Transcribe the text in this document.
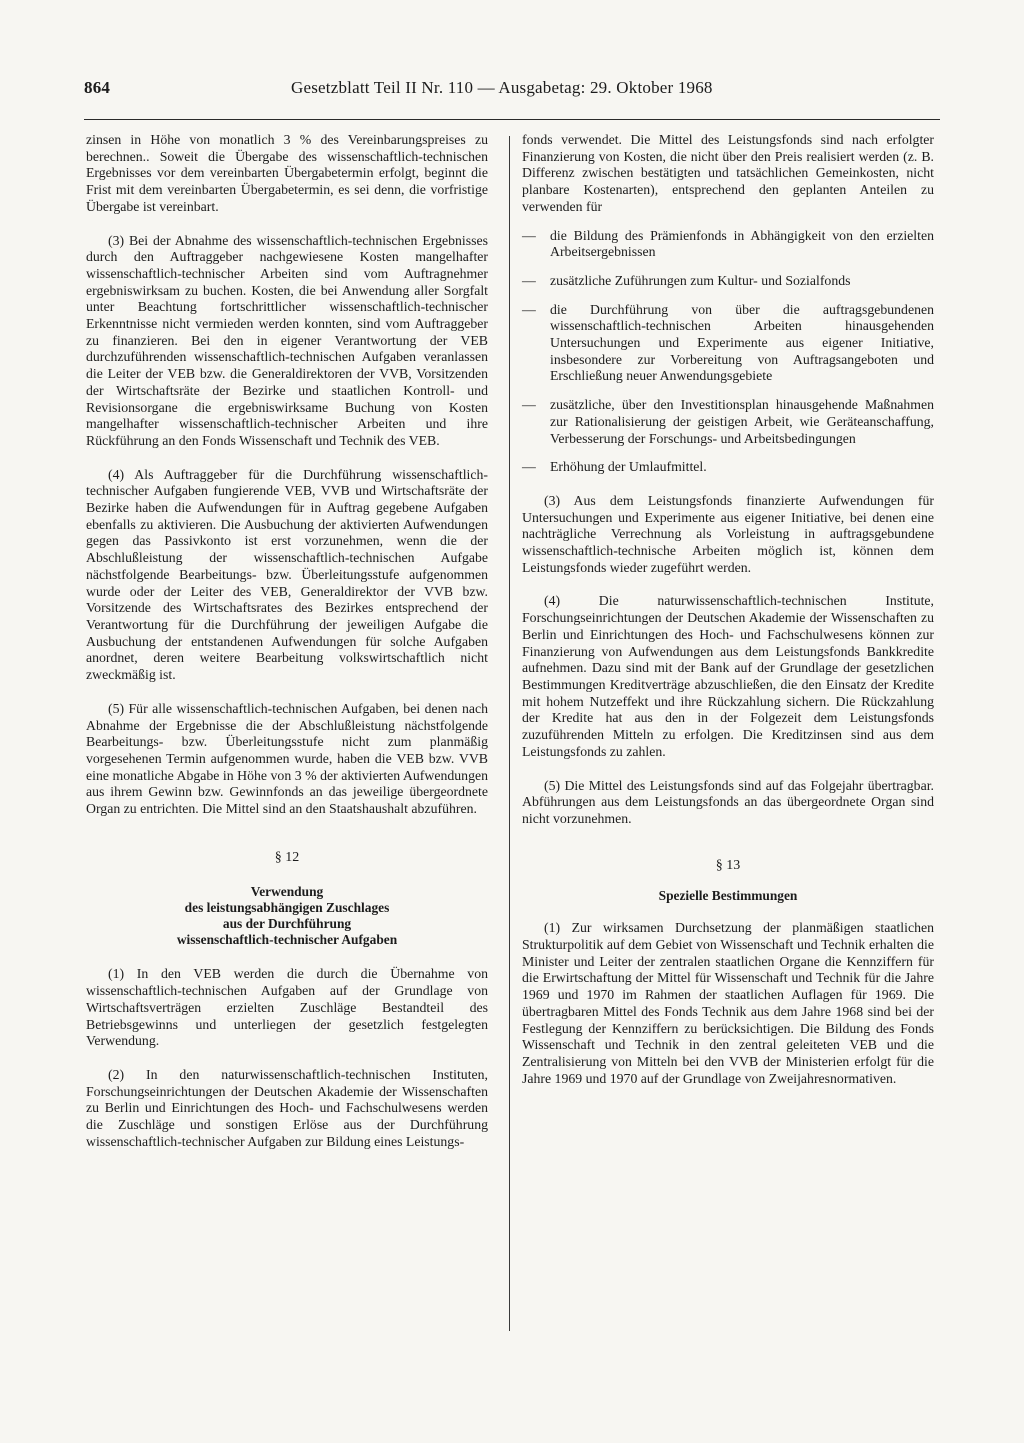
864	Gesetzblatt Teil II Nr. 110 — Ausgabetag: 29. Oktober 1968

zinsen in Höhe von monatlich 3 % des Vereinbarungspreises zu berechnen.. Soweit die Übergabe des wissenschaftlich-technischen Ergebnisses vor dem vereinbarten Übergabetermin erfolgt, beginnt die Frist mit dem vereinbarten Übergabetermin, es sei denn, die vorfristige Übergabe ist vereinbart.

(3) Bei der Abnahme des wissenschaftlich-technischen Ergebnisses durch den Auftraggeber nachgewiesene Kosten mangelhafter wissenschaftlich-technischer Arbeiten sind vom Auftragnehmer ergebniswirksam zu buchen. Kosten, die bei Anwendung aller Sorgfalt unter Beachtung fortschrittlicher wissenschaftlich-technischer Erkenntnisse nicht vermieden werden konnten, sind vom Auftraggeber zu finanzieren. Bei den in eigener Verantwortung der VEB durchzuführenden wissenschaftlich-technischen Aufgaben veranlassen die Leiter der VEB bzw. die Generaldirektoren der VVB, Vorsitzenden der Wirtschaftsräte der Bezirke und staatlichen Kontroll- und Revisionsorgane die ergebniswirksame Buchung von Kosten mangelhafter wissenschaftlich-technischer Arbeiten und ihre Rückführung an den Fonds Wissenschaft und Technik des VEB.

(4) Als Auftraggeber für die Durchführung wissenschaftlich-technischer Aufgaben fungierende VEB, VVB und Wirtschaftsräte der Bezirke haben die Aufwendungen für in Auftrag gegebene Aufgaben ebenfalls zu aktivieren. Die Ausbuchung der aktivierten Aufwendungen gegen das Passivkonto ist erst vorzunehmen, wenn die der Abschlußleistung der wissenschaftlich-technischen Aufgabe nächstfolgende Bearbeitungs- bzw. Überleitungsstufe aufgenommen wurde oder der Leiter des VEB, Generaldirektor der VVB bzw. Vorsitzende des Wirtschaftsrates des Bezirkes entsprechend der Verantwortung für die Durchführung der jeweiligen Aufgabe die Ausbuchung der entstandenen Aufwendungen für solche Aufgaben anordnet, deren weitere Bearbeitung volkswirtschaftlich nicht zweckmäßig ist.

(5) Für alle wissenschaftlich-technischen Aufgaben, bei denen nach Abnahme der Ergebnisse die der Abschlußleistung nächstfolgende Bearbeitungs- bzw. Überleitungsstufe nicht zum planmäßig vorgesehenen Termin aufgenommen wurde, haben die VEB bzw. VVB eine monatliche Abgabe in Höhe von 3 % der aktivierten Aufwendungen aus ihrem Gewinn bzw. Gewinnfonds an das jeweilige übergeordnete Organ zu entrichten. Die Mittel sind an den Staatshaushalt abzuführen.

§ 12

Verwendung

des leistungsabhängigen Zuschlages

aus der Durchführung

wissenschaftlich-technischer Aufgaben

(1) In den VEB werden die durch die Übernahme von wissenschaftlich-technischen Aufgaben auf der Grundlage von Wirtschaftsverträgen erzielten Zuschläge Bestandteil des Betriebsgewinns und unterliegen der gesetzlich festgelegten Verwendung.

(2) In den naturwissenschaftlich-technischen Instituten, Forschungseinrichtungen der Deutschen Akademie der Wissenschaften zu Berlin und Einrichtungen des Hoch- und Fachschulwesens werden die Zuschläge und sonstigen Erlöse aus der Durchführung wissenschaftlich-technischer Aufgaben zur Bildung eines Leistungs-

fonds verwendet. Die Mittel des Leistungsfonds sind nach erfolgter Finanzierung von Kosten, die nicht über den Preis realisiert werden (z. B. Differenz zwischen bestätigten und tatsächlichen Gemeinkosten, nicht planbare Kostenarten), entsprechend den geplanten Anteilen zu verwenden für

—	die Bildung des Prämienfonds in Abhängigkeit von den erzielten Arbeitsergebnissen
—	zusätzliche Zuführungen zum Kultur- und Sozialfonds
—	die Durchführung von über die auftragsgebundenen wissenschaftlich-technischen Arbeiten hinausgehenden Untersuchungen und Experimente aus eigener Initiative, insbesondere zur Vorbereitung von Auftragsangeboten und Erschließung neuer Anwendungsgebiete
—	zusätzliche, über den Investitionsplan hinausgehende Maßnahmen zur Rationalisierung der geistigen Arbeit, wie Geräteanschaffung, Verbesserung der Forschungs- und Arbeitsbedingungen
—	Erhöhung der Umlaufmittel.

(3) Aus dem Leistungsfonds finanzierte Aufwendungen für Untersuchungen und Experimente aus eigener Initiative, bei denen eine nachträgliche Verrechnung als Vorleistung in auftragsgebundene wissenschaftlich-technische Arbeiten möglich ist, können dem Leistungsfonds wieder zugeführt werden.

(4) Die naturwissenschaftlich-technischen Institute, Forschungseinrichtungen der Deutschen Akademie der Wissenschaften zu Berlin und Einrichtungen des Hoch- und Fachschulwesens können zur Finanzierung von Aufwendungen aus dem Leistungsfonds Bankkredite aufnehmen. Dazu sind mit der Bank auf der Grundlage der gesetzlichen Bestimmungen Kreditverträge abzuschließen, die den Einsatz der Kredite mit hohem Nutzeffekt und ihre Rückzahlung sichern. Die Rückzahlung der Kredite hat aus den in der Folgezeit dem Leistungsfonds zuzuführenden Mitteln zu erfolgen. Die Kreditzinsen sind aus dem Leistungsfonds zu zahlen.

(5) Die Mittel des Leistungsfonds sind auf das Folgejahr übertragbar. Abführungen aus dem Leistungsfonds an das übergeordnete Organ sind nicht vorzunehmen.

§ 13

Spezielle Bestimmungen

(1) Zur wirksamen Durchsetzung der planmäßigen staatlichen Strukturpolitik auf dem Gebiet von Wissenschaft und Technik erhalten die Minister und Leiter der zentralen staatlichen Organe die Kennziffern für die Erwirtschaftung der Mittel für Wissenschaft und Technik für die Jahre 1969 und 1970 im Rahmen der staatlichen Auflagen für 1969. Die übertragbaren Mittel des Fonds Technik aus dem Jahre 1968 sind bei der Festlegung der Kennziffern zu berücksichtigen. Die Bildung des Fonds Wissenschaft und Technik in den zentral geleiteten VEB und die Zentralisierung von Mitteln bei den VVB der Ministerien erfolgt für die Jahre 1969 und 1970 auf der Grundlage von Zweijahresnormativen.
